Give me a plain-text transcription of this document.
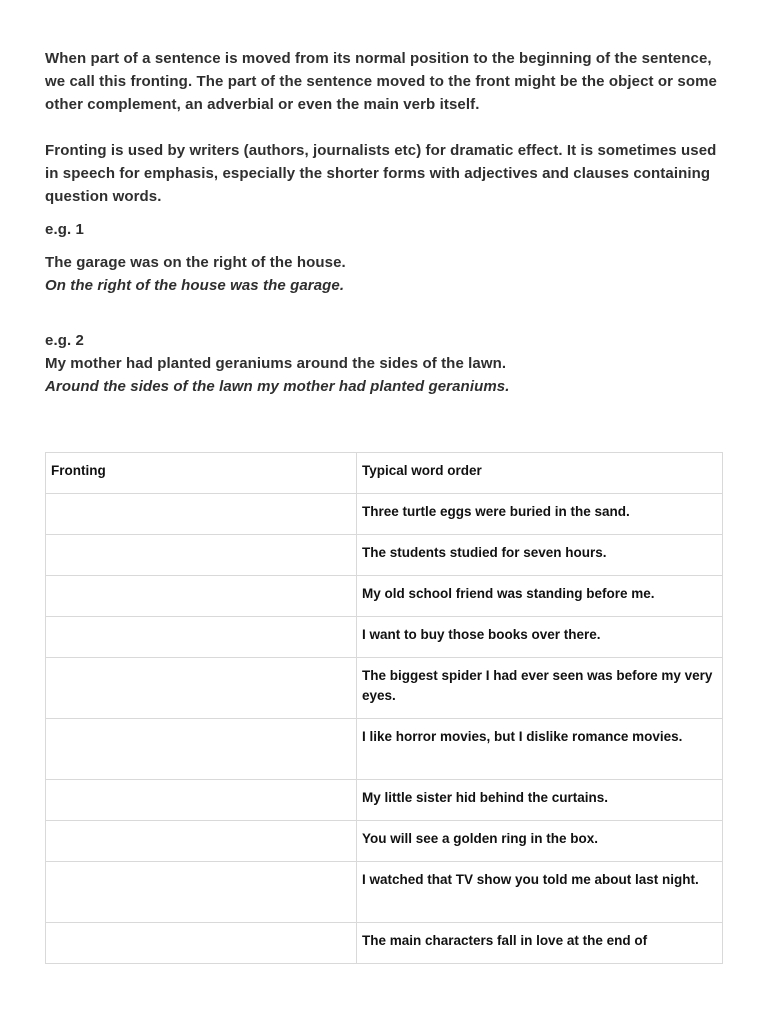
When part of a sentence is moved from its normal position to the beginning of the sentence, we call this fronting. The part of the sentence moved to the front might be the object or some other complement, an adverbial or even the main verb itself.

Fronting is used by writers (authors, journalists etc) for dramatic effect. It is sometimes used in speech for emphasis, especially the shorter forms with adjectives and clauses containing question words.

e.g. 1

The garage was on the right of the house.

On the right of the house was the garage.

e.g. 2

My mother had planted geraniums around the sides of the lawn.

Around the sides of the lawn my mother had planted geraniums.

Fronting	Typical word order
	Three turtle eggs were buried in the sand.
	The students studied for seven hours.
	My old school friend was standing before me.
	I want to buy those books over there.
	The biggest spider I had ever seen was before my very eyes.
	I like horror movies, but I dislike romance movies.
	My little sister hid behind the curtains.
	You will see a golden ring in the box.
	I watched that TV show you told me about last night.
	The main characters fall in love at the end of
